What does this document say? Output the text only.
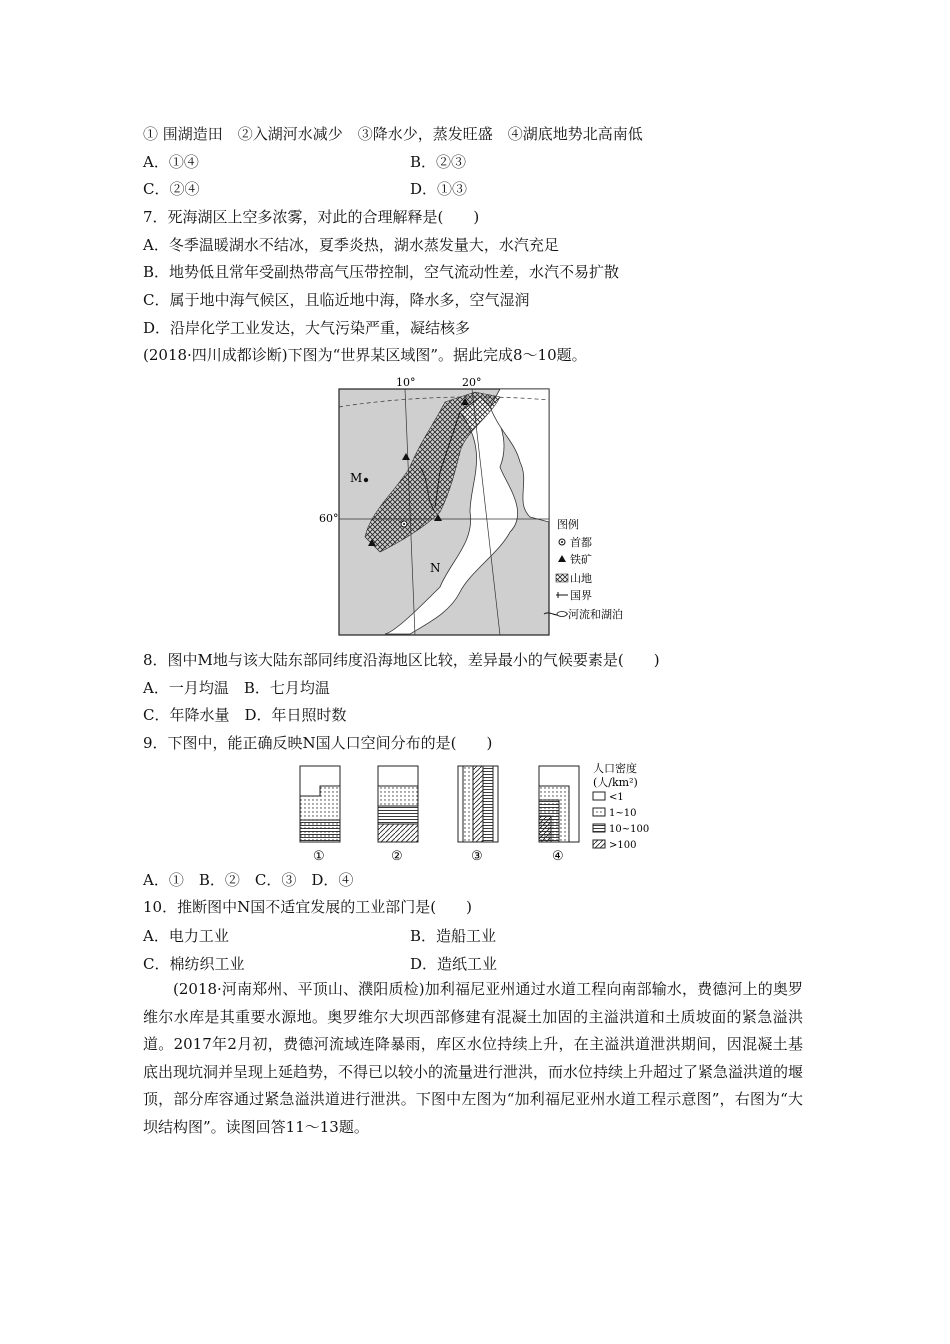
① 围湖造田　②入湖河水减少　③降水少，蒸发旺盛　④湖底地势北高南低
A．①④	B．②③
C．②④	D．①③
7．死海湖区上空多浓雾，对此的合理解释是(　　)
A．冬季温暖湖水不结冰，夏季炎热，湖水蒸发量大，水汽充足
B．地势低且常年受副热带高气压带控制，空气流动性差，水汽不易扩散
C．属于地中海气候区，且临近地中海，降水多，空气湿润
D．沿岸化学工业发达，大气污染严重，凝结核多
(2018·四川成都诊断)下图为“世界某区域图”。据此完成8～10题。
10°	20°
60°
M
N
图例
首都
铁矿
山地
国界
河流和湖泊
8．图中M地与该大陆东部同纬度沿海地区比较，差异最小的气候要素是(　　)
A．一月均温　B．七月均温
C．年降水量　D．年日照时数
9．下图中，能正确反映N国人口空间分布的是(　　)
①	②	③	④
人口密度
(人/km²)
<1
1~10
10~100
>100
A．①　B．②　C．③　D．④
10．推断图中N国不适宜发展的工业部门是(　　)
A．电力工业	B．造船工业
C．棉纺织工业	D．造纸工业

(2018·河南郑州、平顶山、濮阳质检)加利福尼亚州通过水道工程向南部输水，费德河上的奥罗维尔水库是其重要水源地。奥罗维尔大坝西部修建有混凝土加固的主溢洪道和土质坡面的紧急溢洪道。2017年2月初，费德河流域连降暴雨，库区水位持续上升，在主溢洪道泄洪期间，因混凝土基底出现坑洞并呈现上延趋势，不得已以较小的流量进行泄洪，而水位持续上升超过了紧急溢洪道的堰顶，部分库容通过紧急溢洪道进行泄洪。下图中左图为“加利福尼亚州水道工程示意图”，右图为“大坝结构图”。读图回答11～13题。
